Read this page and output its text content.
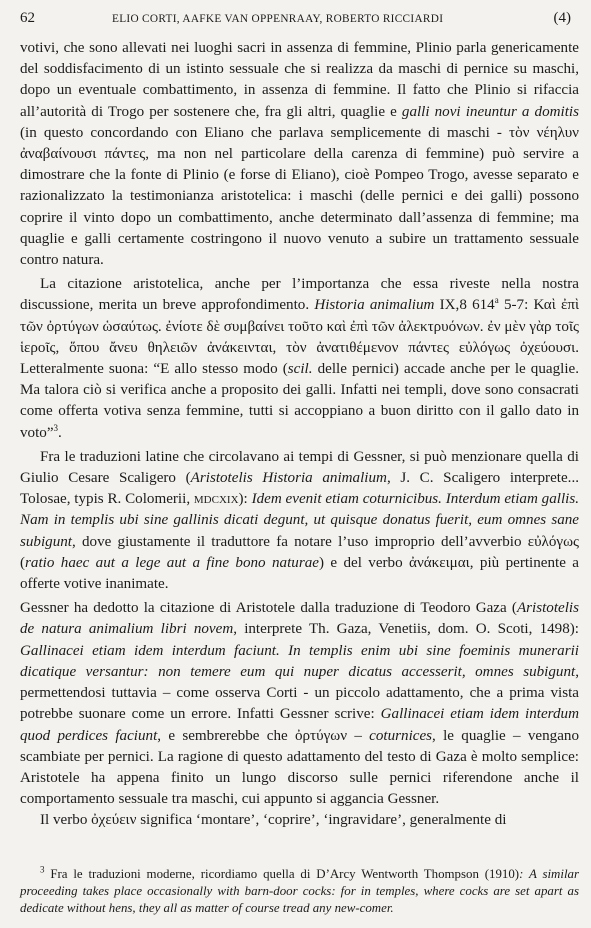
62	ELIO CORTI, AAFKE VAN OPPENRAAY, ROBERTO RICCIARDI	(4)

votivi, che sono allevati nei luoghi sacri in assenza di femmine, Plinio parla genericamente del soddisfacimento di un istinto sessuale che si realizza da maschi di pernice su maschi, dopo un eventuale combattimento, in assenza di femmine. Il fatto che Plinio si rifaccia all’autorità di Trogo per sostenere che, fra gli altri, quaglie e galli novi ineuntur a domitis (in questo concordando con Eliano che parlava semplicemente di maschi - τὸν νέηλυν ἀναβαίνουσι πάντες, ma non nel particolare della carenza di femmine) può servire a dimostrare che la fonte di Plinio (e forse di Eliano), cioè Pompeo Trogo, avesse separato e razionalizzato la testimonianza aristotelica: i maschi (delle pernici e dei galli) possono coprire il vinto dopo un combattimento, anche determinato dall’assenza di femmine; ma quaglie e galli certamente costringono il nuovo venuto a subire un trattamento sessuale contro natura.

La citazione aristotelica, anche per l’importanza che essa riveste nella nostra discussione, merita un breve approfondimento. Historia animalium IX,8 614$^a$ 5-7: Καὶ ἐπὶ τῶν ὀρτύγων ὡσαύτως. ἐνίοτε δὲ συμβαίνει τοῦτο καὶ ἐπὶ τῶν ἀλεκτρυόνων. ἐν μὲν γὰρ τοῖς ἱεροῖς, ὅπου ἄνευ θηλειῶν ἀνάκεινται, τὸν ἀνατιθέμενον πάντες εὐλόγως ὀχεύουσι. Letteralmente suona: “E allo stesso modo (scil. delle pernici) accade anche per le quaglie. Ma talora ciò si verifica anche a proposito dei galli. Infatti nei templi, dove sono consacrati come offerta votiva senza femmine, tutti si accoppiano a buon diritto con il gallo dato in voto”$^3$.

Fra le traduzioni latine che circolavano ai tempi di Gessner, si può menzionare quella di Giulio Cesare Scaligero (Aristotelis Historia animalium, J. C. Scaligero interprete... Tolosae, typis R. Colomerii, mdcxix): Idem evenit etiam coturnicibus. Interdum etiam gallis. Nam in templis ubi sine gallinis dicati degunt, ut quisque donatus fuerit, eum omnes sane subigunt, dove giustamente il traduttore fa notare l’uso improprio dell’avverbio εὐλόγως (ratio haec aut a lege aut a fine bono naturae) e del verbo ἀνάκειμαι, più pertinente a offerte votive inanimate.

Gessner ha dedotto la citazione di Aristotele dalla traduzione di Teodoro Gaza (Aristotelis de natura animalium libri novem, interprete Th. Gaza, Venetiis, dom. O. Scoti, 1498): Gallinacei etiam idem interdum faciunt. In templis enim ubi sine foeminis munerarii dicatique versantur: non temere eum qui nuper dicatus accesserit, omnes subigunt, permettendosi tuttavia – come osserva Corti - un piccolo adattamento, che a prima vista potrebbe suonare come un errore. Infatti Gessner scrive: Gallinacei etiam idem interdum quod perdices faciunt, e sembrerebbe che ὀρτύγων – coturnices, le quaglie – vengano scambiate per pernici. La ragione di questo adattamento del testo di Gaza è molto semplice: Aristotele ha appena finito un lungo discorso sulle pernici riferendone anche il comportamento sessuale tra maschi, cui appunto si aggancia Gessner.

Il verbo ὀχεύειν significa ‘montare’, ‘coprire’, ‘ingravidare’, generalmente di

$^3$ Fra le traduzioni moderne, ricordiamo quella di D’Arcy Wentworth Thompson (1910): A similar proceeding takes place occasionally with barn-door cocks: for in temples, where cocks are set apart as dedicate without hens, they all as matter of course tread any new-comer.
